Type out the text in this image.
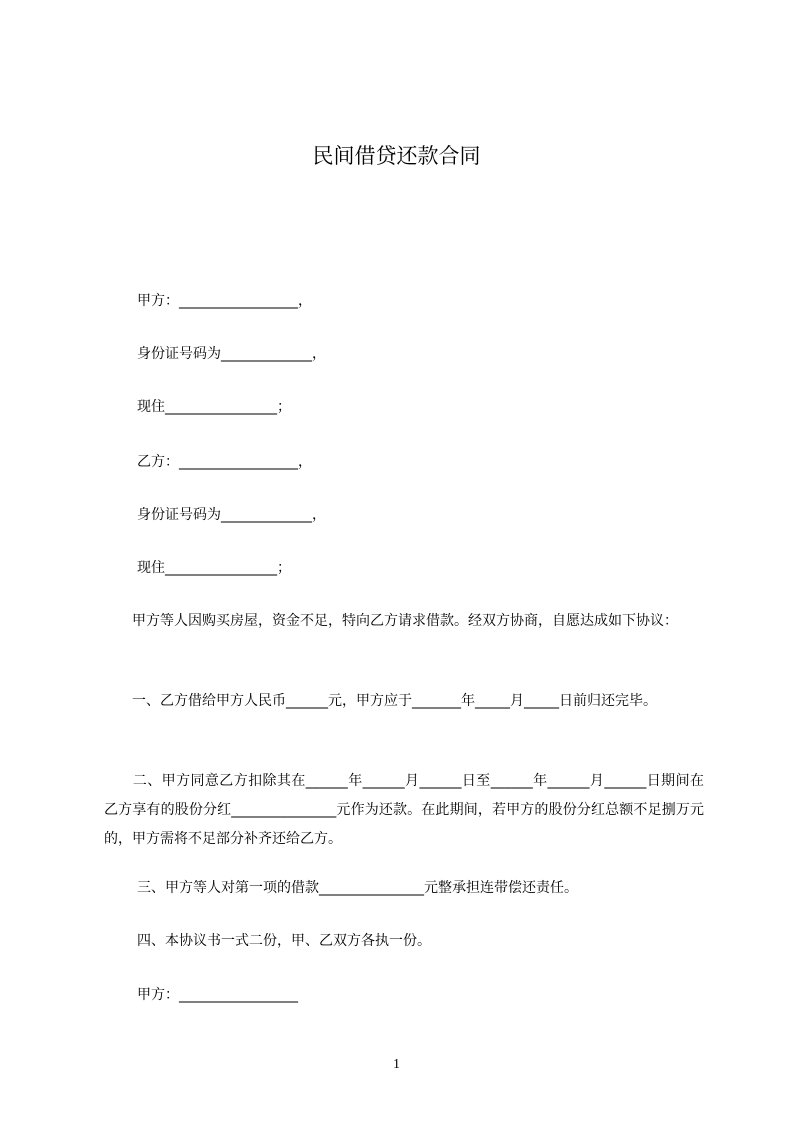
民间借贷还款合同
甲方：_________________，
身份证号码为_____________，
现住________________；
乙方：_________________，
身份证号码为_____________，
现住________________；
　　甲方等人因购买房屋，资金不足，特向乙方请求借款。经双方协商，自愿达成如下协议：
　　一、乙方借给甲方人民币______元，甲方应于_______年_____月_____日前归还完毕。
　　二、甲方同意乙方扣除其在______年______月______日至______年______月______日期间在乙方享有的股份分红_______________元作为还款。在此期间，若甲方的股份分红总额不足捌万元的，甲方需将不足部分补齐还给乙方。
三、甲方等人对第一项的借款_______________元整承担连带偿还责任。
四、本协议书一式二份，甲、乙双方各执一份。
甲方：_________________
1
